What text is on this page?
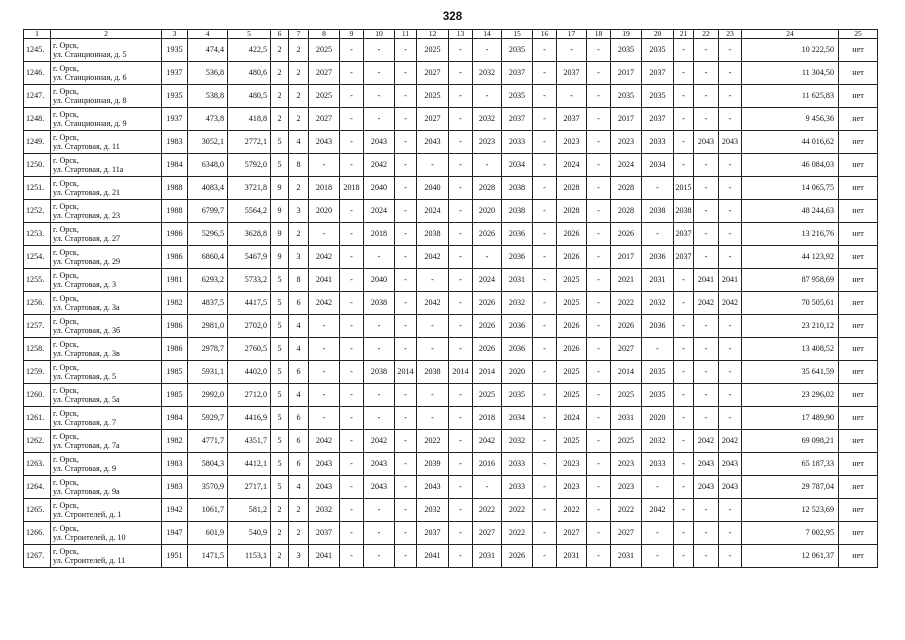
328
1	2	3	4	5	6	7	8	9	10	11	12	13	14	15	16	17	18	19	20	21	22	23	24	25
1245.	г. Орск,
ул. Станционная, д. 5	1935	474,4	422,5	2	2	2025	-	-	-	2025	-	-	2035	-	-	-	2035	2035	-	-	-	10 222,50	нет
1246.	г. Орск,
ул. Станционная, д. 6	1937	536,8	480,6	2	2	2027	-	-	-	2027	-	2032	2037	-	2037	-	2017	2037	-	-	-	11 304,50	нет
1247.	г. Орск,
ул. Станционная, д. 8	1935	538,8	480,5	2	2	2025	-	-	-	2025	-	-	2035	-	-	-	2035	2035	-	-	-	11 625,83	нет
1248.	г. Орск,
ул. Станционная, д. 9	1937	473,8	418,8	2	2	2027	-	-	-	2027	-	2032	2037	-	2037	-	2017	2037	-	-	-	9 456,36	нет
1249.	г. Орск,
ул. Стартовая, д. 11	1983	3052,1	2772,1	5	4	2043	-	2043	-	2043	-	2023	2033	-	2023	-	2023	2033	-	2043	2043	44 016,62	нет
1250.	г. Орск,
ул. Стартовая, д. 11а	1984	6348,0	5792,0	5	8	-	-	2042	-	-	-	-	2034	-	2024	-	2024	2034	-	-	-	46 084,03	нет
1251.	г. Орск,
ул. Стартовая, д. 21	1988	4083,4	3721,8	9	2	2018	2018	2040	-	2040	-	2028	2038	-	2028	-	2028	-	2015	-	-	14 065,75	нет
1252.	г. Орск,
ул. Стартовая, д. 23	1988	6799,7	5564,2	9	3	2020	-	2024	-	2024	-	2020	2038	-	2028	-	2028	2038	2038	-	-	48 244,63	нет
1253.	г. Орск,
ул. Стартовая, д. 27	1986	5296,5	3628,8	9	2	-	-	2018	-	2038	-	2026	2036	-	2026	-	2026	-	2037	-	-	13 216,76	нет
1254.	г. Орск,
ул. Стартовая, д. 29	1986	6860,4	5467,9	9	3	2042	-	-	-	2042	-	-	2036	-	2026	-	2017	2036	2037	-	-	44 123,92	нет
1255.	г. Орск,
ул. Стартовая, д. 3	1981	6293,2	5733,2	5	8	2041	-	2040	-	-	-	2024	2031	-	2025	-	2021	2031	-	2041	2041	87 958,69	нет
1256.	г. Орск,
ул. Стартовая, д. 3а	1982	4837,5	4417,5	5	6	2042	-	2038	-	2042	-	2026	2032	-	2025	-	2022	2032	-	2042	2042	70 505,61	нет
1257.	г. Орск,
ул. Стартовая, д. 3б	1986	2981,0	2702,0	5	4	-	-	-	-	-	-	2026	2036	-	2026	-	2026	2036	-	-	-	23 210,12	нет
1258.	г. Орск,
ул. Стартовая, д. 3в	1986	2978,7	2760,5	5	4	-	-	-	-	-	-	2026	2036	-	2026	-	2027	-	-	-	-	13 408,52	нет
1259.	г. Орск,
ул. Стартовая, д. 5	1985	5931,1	4402,0	5	6	-	-	2038	2014	2038	2014	2014	2020	-	2025	-	2014	2035	-	-	-	35 641,59	нет
1260.	г. Орск,
ул. Стартовая, д. 5а	1985	2992,0	2712,0	5	4	-	-	-	-	-	-	2025	2035	-	2025	-	2025	2035	-	-	-	23 296,02	нет
1261.	г. Орск,
ул. Стартовая, д. 7	1984	5929,7	4416,9	5	6	-	-	-	-	-	-	2018	2034	-	2024	-	2031	2020	-	-	-	17 489,90	нет
1262.	г. Орск,
ул. Стартовая, д. 7а	1982	4771,7	4351,7	5	6	2042	-	2042	-	2022	-	2042	2032	-	2025	-	2025	2032	-	2042	2042	69 098,21	нет
1263.	г. Орск,
ул. Стартовая, д. 9	1983	5804,3	4412,1	5	6	2043	-	2043	-	2039	-	2016	2033	-	2023	-	2023	2033	-	2043	2043	65 187,33	нет
1264.	г. Орск,
ул. Стартовая, д. 9а	1983	3570,9	2717,1	5	4	2043	-	2043	-	2043	-	-	2033	-	2023	-	2023	-	-	2043	2043	29 787,04	нет
1265.	г. Орск,
ул. Строителей, д. 1	1942	1061,7	581,2	2	2	2032	-	-	-	2032	-	2022	2022	-	2022	-	2022	2042	-	-	-	12 523,69	нет
1266.	г. Орск,
ул. Строителей, д. 10	1947	601,9	540,9	2	2	2037	-	-	-	2037	-	2027	2022	-	2027	-	2027	-	-	-	-	7 002,95	нет
1267.	г. Орск,
ул. Строителей, д. 11	1951	1471,5	1153,1	2	3	2041	-	-	-	2041	-	2031	2026	-	2031	-	2031	-	-	-	-	12 061,37	нет
